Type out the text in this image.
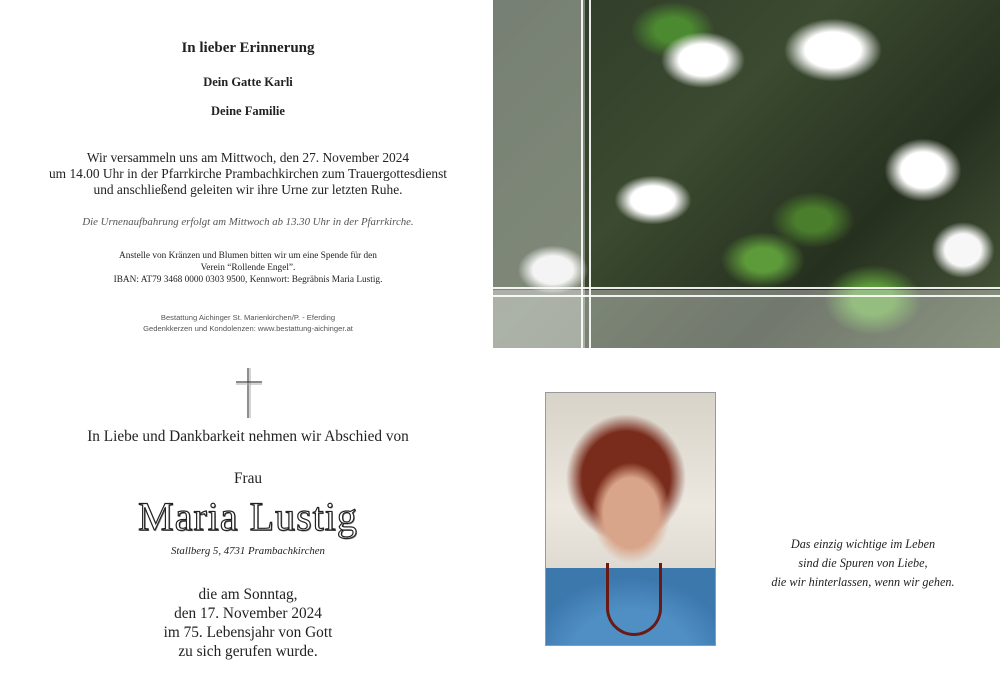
In lieber Erinnerung
Dein Gatte Karli
Deine Familie
Wir versammeln uns am Mittwoch, den 27. November 2024
um 14.00 Uhr in der Pfarrkirche Prambachkirchen zum Trauergottesdienst
und anschließend geleiten wir ihre Urne zur letzten Ruhe.
Die Urnenaufbahrung erfolgt am Mittwoch ab 13.30 Uhr in der Pfarrkirche.
Anstelle von Kränzen und Blumen bitten wir um eine Spende für den
Verein “Rollende Engel”.
IBAN: AT79 3468 0000 0303 9500, Kennwort: Begräbnis Maria Lustig.
Bestattung Aichinger St. Marienkirchen/P. - Eferding
Gedenkkerzen und Kondolenzen: www.bestattung-aichinger.at
In Liebe und Dankbarkeit nehmen wir Abschied von
Frau
Maria Lustig
Stallberg 5, 4731 Prambachkirchen
die am Sonntag,
den 17. November 2024
im 75. Lebensjahr von Gott
zu sich gerufen wurde.
Das einzig wichtige im Leben
sind die Spuren von Liebe,
die wir hinterlassen, wenn wir gehen.
